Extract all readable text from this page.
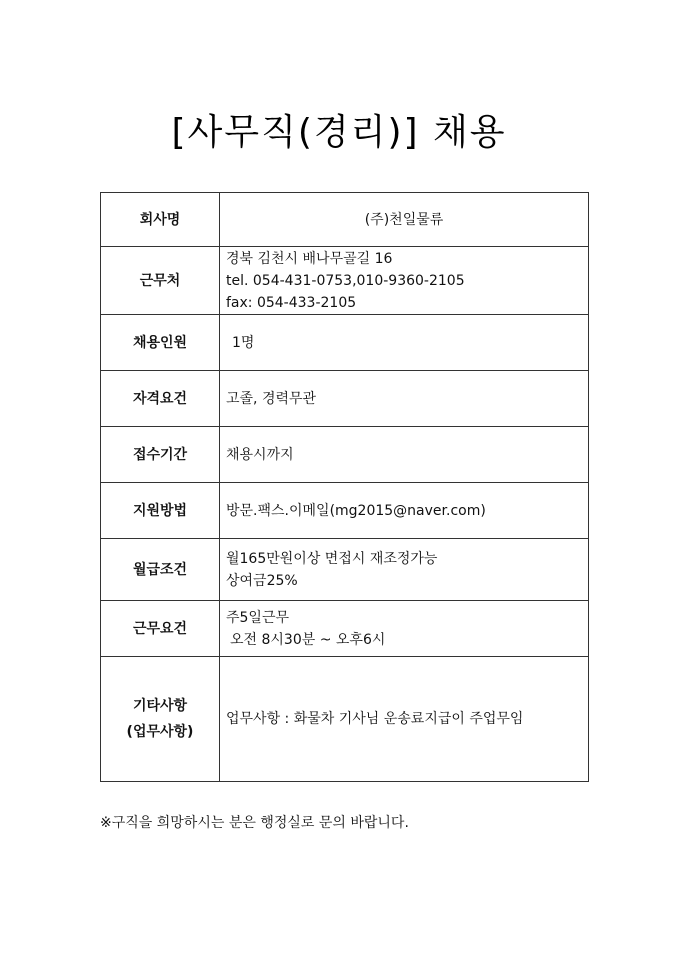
[사무직(경리)] 채용
회사명	(주)천일물류
근무처	경북 김천시 배나무골길 16
tel. 054-431-0753,010-9360-2105
fax: 054-433-2105

채용인원	1명
자격요건	고졸, 경력무관
접수기간	채용시까지
지원방법	방문.팩스.이메일(mg2015@naver.com)
월급조건	월165만원이상 면접시 재조정가능
상여금25%

근무요건	주5일근무
오전 8시30분 ~ 오후6시

기타사항
(업무사항)	업무사항 : 화물차 기사님 운송료지급이 주업무임
※구직을 희망하시는 분은 행정실로 문의 바랍니다.
